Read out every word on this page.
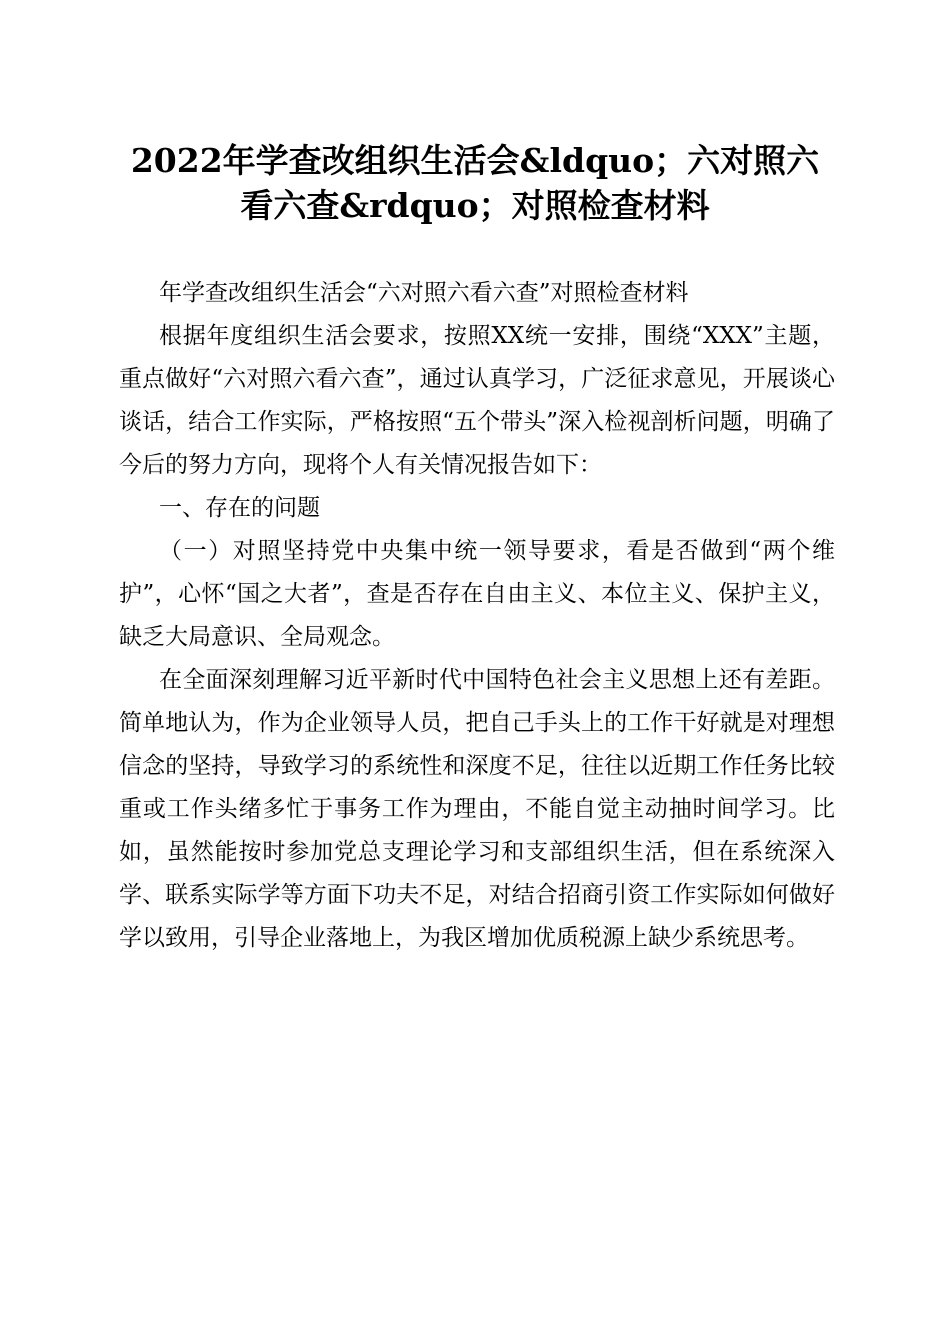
2022年学查改组织生活会&ldquo；六对照六
看六查&rdquo；对照检查材料

年学查改组织生活会“六对照六看六查”对照检查材料

根据年度组织生活会要求，按照XX统一安排，围绕“XXX”主题，重点做好“六对照六看六查”，通过认真学习，广泛征求意见，开展谈心谈话，结合工作实际，严格按照“五个带头”深入检视剖析问题，明确了今后的努力方向，现将个人有关情况报告如下：

一、存在的问题

（一）对照坚持党中央集中统一领导要求，看是否做到“两个维护”，心怀“国之大者”，查是否存在自由主义、本位主义、保护主义，缺乏大局意识、全局观念。

在全面深刻理解习近平新时代中国特色社会主义思想上还有差距。简单地认为，作为企业领导人员，把自己手头上的工作干好就是对理想信念的坚持，导致学习的系统性和深度不足，往往以近期工作任务比较重或工作头绪多忙于事务工作为理由，不能自觉主动抽时间学习。比如，虽然能按时参加党总支理论学习和支部组织生活，但在系统深入学、联系实际学等方面下功夫不足，对结合招商引资工作实际如何做好学以致用，引导企业落地上，为我区增加优质税源上缺少系统思考。
